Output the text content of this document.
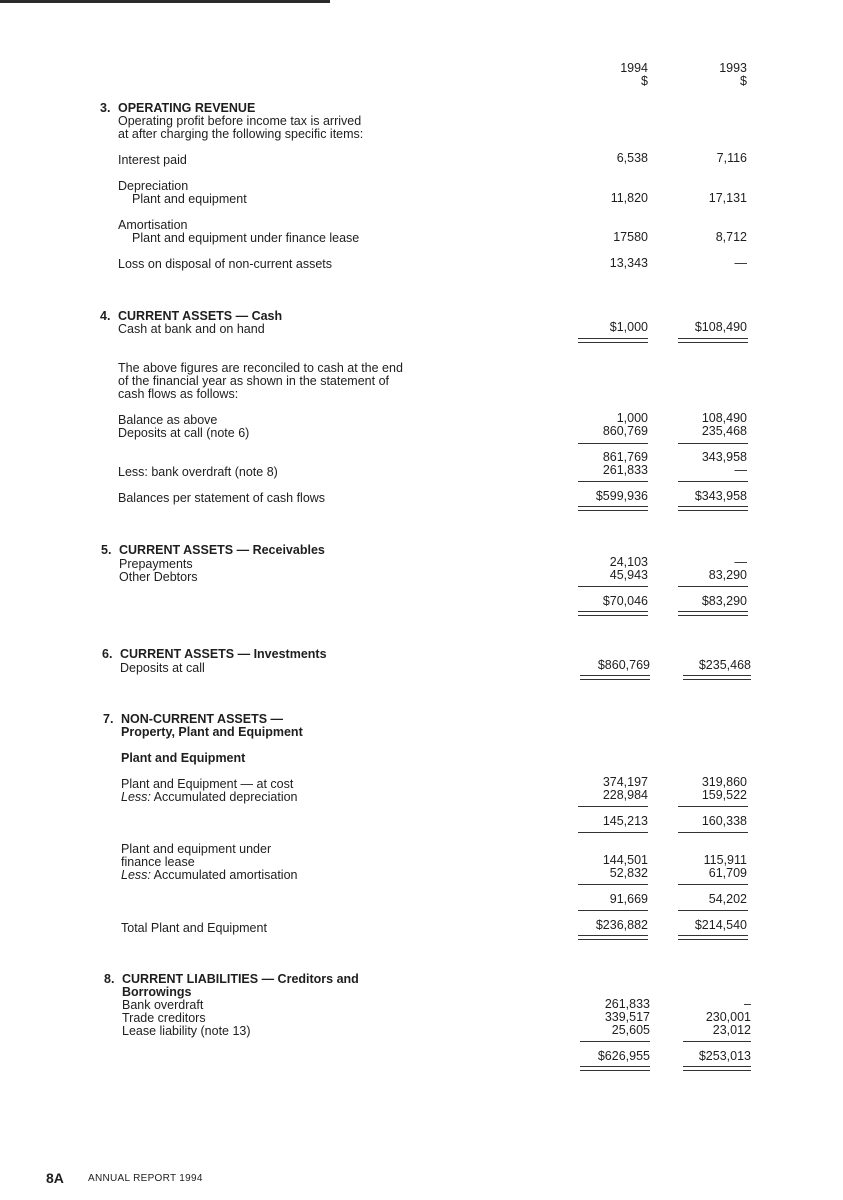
1994
$
1993
$
3. OPERATING REVENUE
Operating profit before income tax is arrived
at after charging the following specific items:
Interest paid	6,538	7,116
Depreciation
Plant and equipment	11,820	17,131
Amortisation
Plant and equipment under finance lease	17580	8,712
Loss on disposal of non-current assets	13,343	—
4. CURRENT ASSETS — Cash
Cash at bank and on hand	$1,000	$108,490
The above figures are reconciled to cash at the end
of the financial year as shown in the statement of
cash flows as follows:
Balance as above	1,000	108,490
Deposits at call (note 6)	860,769	235,468
861,769	343,958
Less: bank overdraft (note 8)	261,833	—
Balances per statement of cash flows	$599,936	$343,958
5. CURRENT ASSETS — Receivables
Prepayments	24,103	—
Other Debtors	45,943	83,290
$70,046	$83,290
6. CURRENT ASSETS — Investments
Deposits at call	$860,769	$235,468
7. NON-CURRENT ASSETS —
Property, Plant and Equipment
Plant and Equipment
Plant and Equipment — at cost	374,197	319,860
Less: Accumulated depreciation	228,984	159,522
145,213	160,338
Plant and equipment under
finance lease	144,501	115,911
Less: Accumulated amortisation	52,832	61,709
91,669	54,202
Total Plant and Equipment	$236,882	$214,540
8. CURRENT LIABILITIES — Creditors and
Borrowings
Bank overdraft	261,833	–
Trade creditors	339,517	230,001
Lease liability (note 13)	25,605	23,012
$626,955	$253,013
8A ANNUAL REPORT 1994
